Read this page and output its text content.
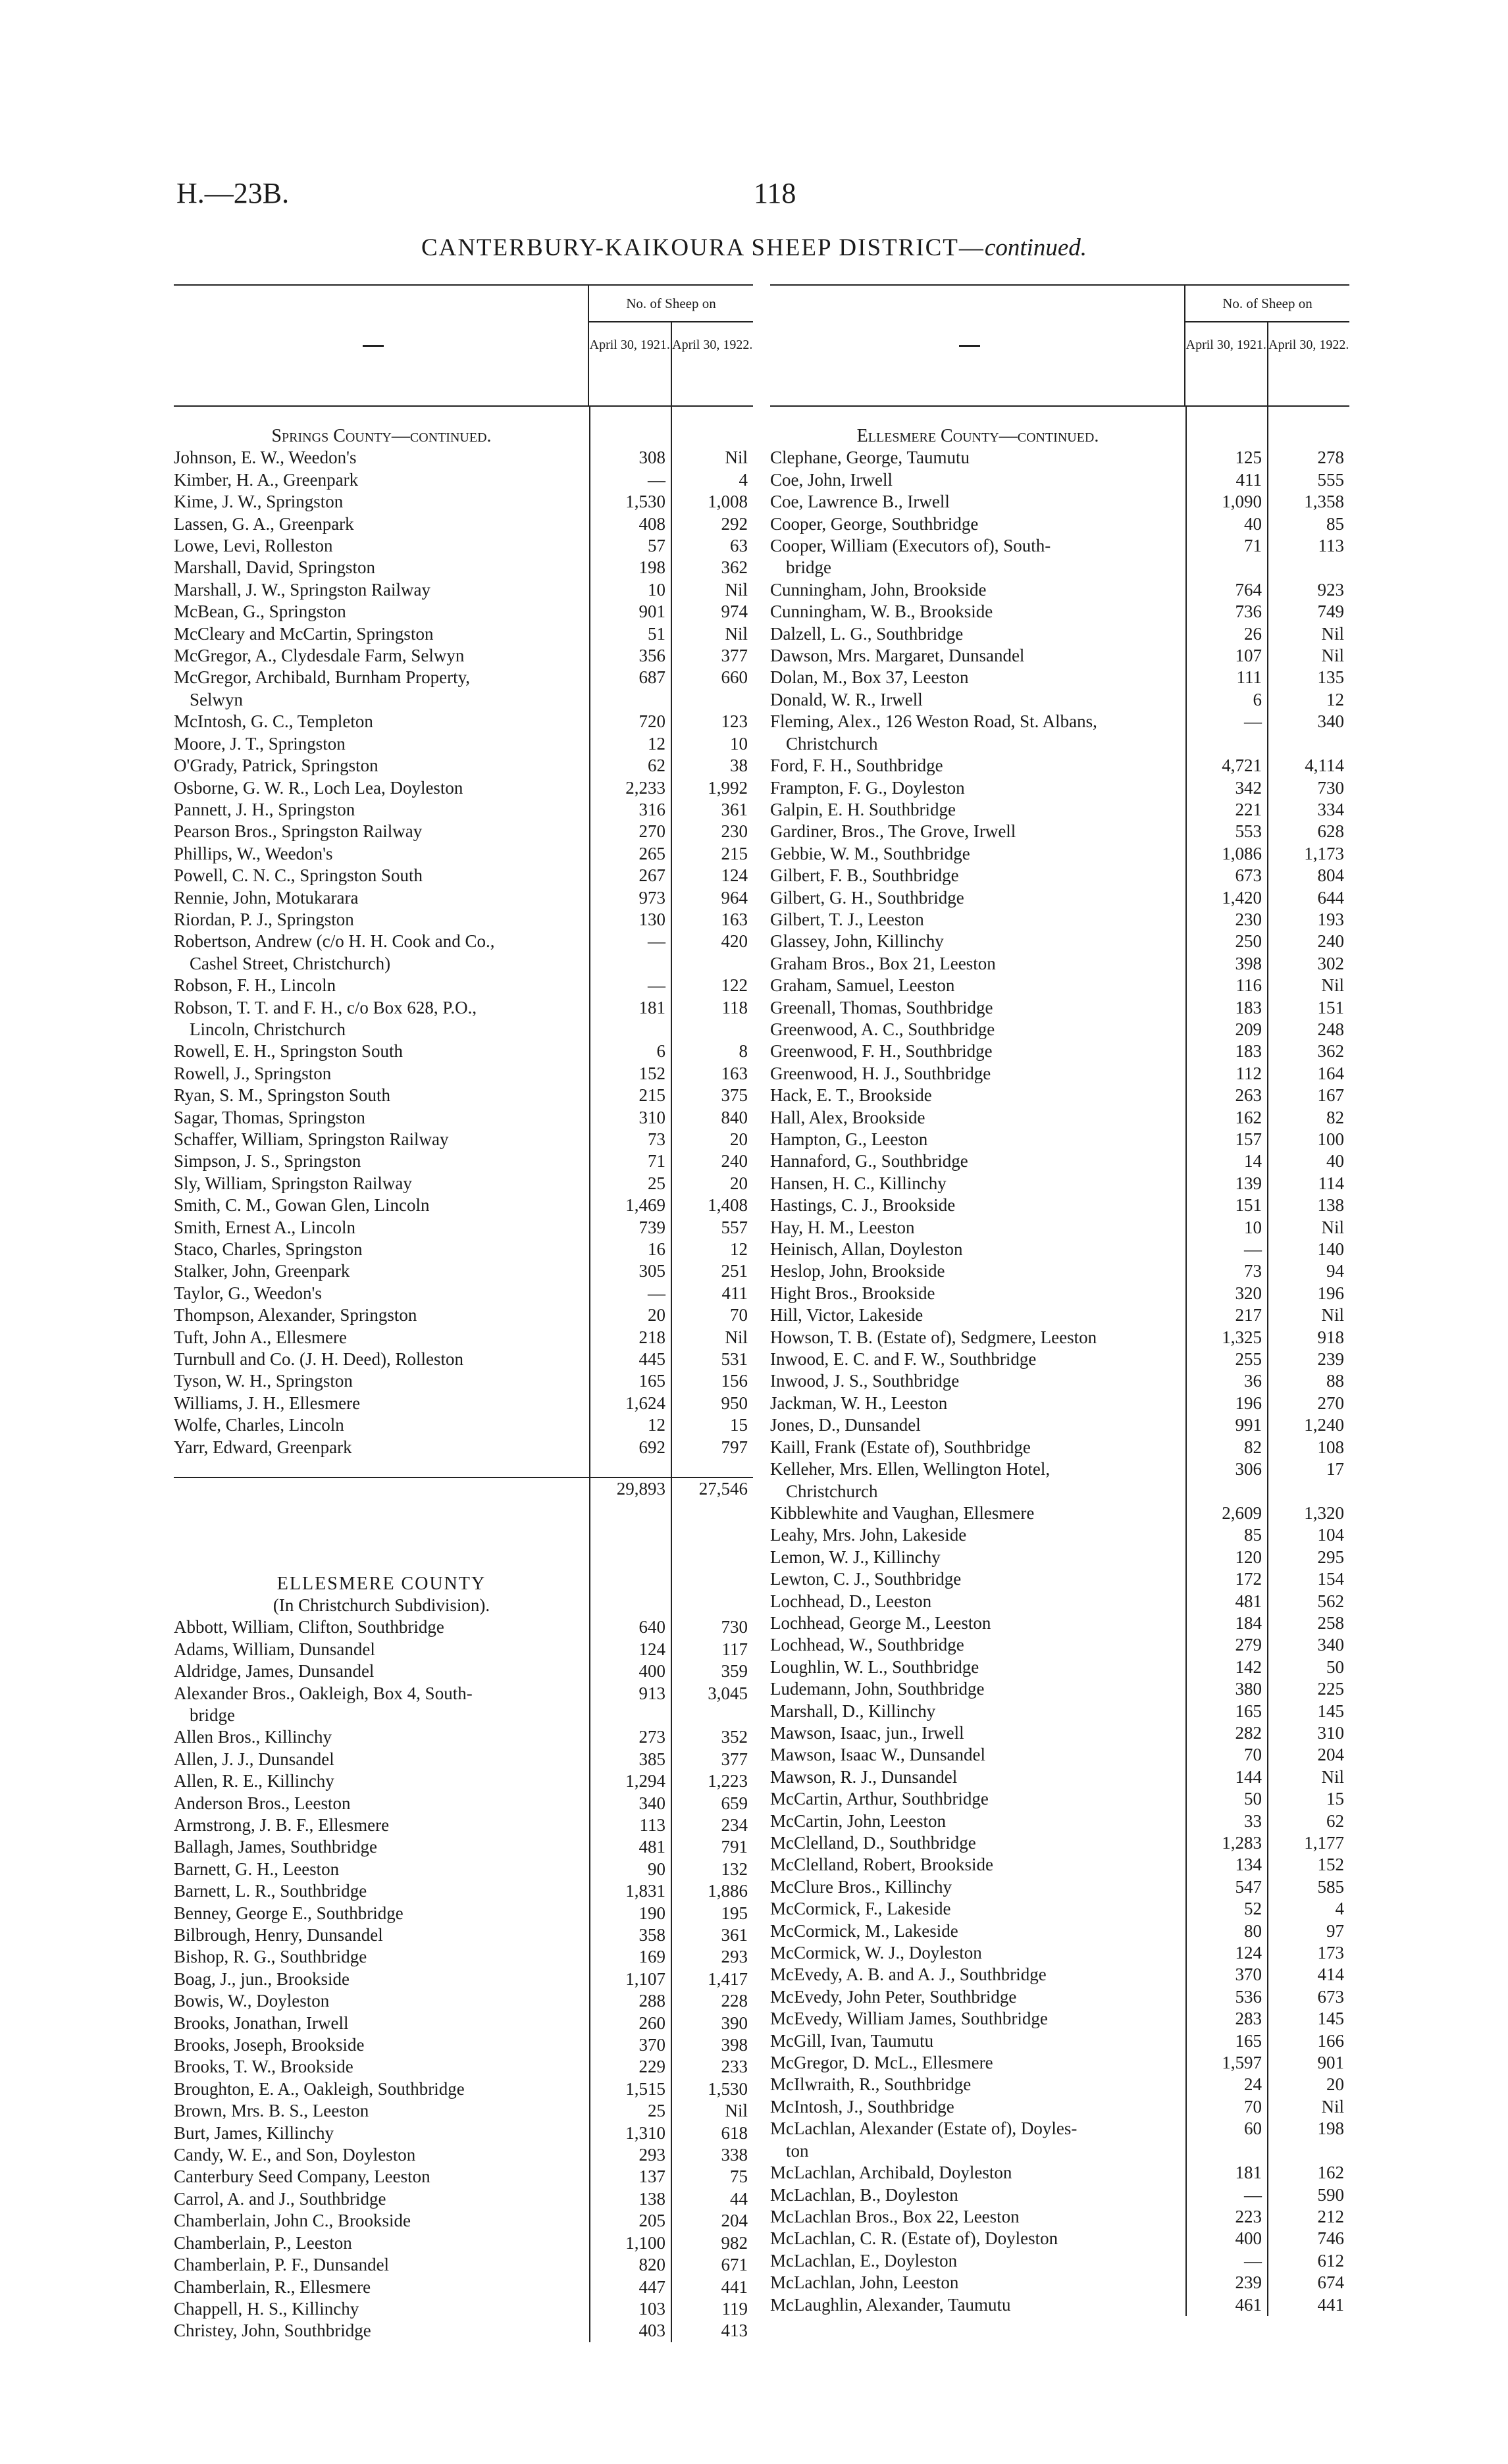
H.—23B.	118
CANTERBURY-KAIKOURA SHEEP DISTRICT—continued.
No. of Sheep on
April 30, 1921. April 30, 1922.
Springs County—continued.
Johnson, E. W., Weedon's	308	Nil
Kimber, H. A., Greenpark	—	4
Kime, J. W., Springston	1,530	1,008
Lassen, G. A., Greenpark	408	292
Lowe, Levi, Rolleston	57	63
Marshall, David, Springston	198	362
Marshall, J. W., Springston Railway	10	Nil
McBean, G., Springston	901	974
McCleary and McCartin, Springston	51	Nil
McGregor, A., Clydesdale Farm, Selwyn	356	377
McGregor, Archibald, Burnham Property,	687	660
Selwyn
McIntosh, G. C., Templeton	720	123
Moore, J. T., Springston	12	10
O'Grady, Patrick, Springston	62	38
Osborne, G. W. R., Loch Lea, Doyleston	2,233	1,992
Pannett, J. H., Springston	316	361
Pearson Bros., Springston Railway	270	230
Phillips, W., Weedon's	265	215
Powell, C. N. C., Springston South	267	124
Rennie, John, Motukarara	973	964
Riordan, P. J., Springston	130	163
Robertson, Andrew (c/o H. H. Cook and Co.,	—	420
Cashel Street, Christchurch)
Robson, F. H., Lincoln	—	122
Robson, T. T. and F. H., c/o Box 628, P.O.,	181	118
Lincoln, Christchurch
Rowell, E. H., Springston South	6	8
Rowell, J., Springston	152	163
Ryan, S. M., Springston South	215	375
Sagar, Thomas, Springston	310	840
Schaffer, William, Springston Railway	73	20
Simpson, J. S., Springston	71	240
Sly, William, Springston Railway	25	20
Smith, C. M., Gowan Glen, Lincoln	1,469	1,408
Smith, Ernest A., Lincoln	739	557
Staco, Charles, Springston	16	12
Stalker, John, Greenpark	305	251
Taylor, G., Weedon's	—	411
Thompson, Alexander, Springston	20	70
Tuft, John A., Ellesmere	218	Nil
Turnbull and Co. (J. H. Deed), Rolleston	445	531
Tyson, W. H., Springston	165	156
Williams, J. H., Ellesmere	1,624	950
Wolfe, Charles, Lincoln	12	15
Yarr, Edward, Greenpark	692	797
29,893	27,546
ELLESMERE COUNTY
(In Christchurch Subdivision).
Abbott, William, Clifton, Southbridge	640	730
Adams, William, Dunsandel	124	117
Aldridge, James, Dunsandel	400	359
Alexander Bros., Oakleigh, Box 4, South-	913	3,045
bridge
Allen Bros., Killinchy	273	352
Allen, J. J., Dunsandel	385	377
Allen, R. E., Killinchy	1,294	1,223
Anderson Bros., Leeston	340	659
Armstrong, J. B. F., Ellesmere	113	234
Ballagh, James, Southbridge	481	791
Barnett, G. H., Leeston	90	132
Barnett, L. R., Southbridge	1,831	1,886
Benney, George E., Southbridge	190	195
Bilbrough, Henry, Dunsandel	358	361
Bishop, R. G., Southbridge	169	293
Boag, J., jun., Brookside	1,107	1,417
Bowis, W., Doyleston	288	228
Brooks, Jonathan, Irwell	260	390
Brooks, Joseph, Brookside	370	398
Brooks, T. W., Brookside	229	233
Broughton, E. A., Oakleigh, Southbridge	1,515	1,530
Brown, Mrs. B. S., Leeston	25	Nil
Burt, James, Killinchy	1,310	618
Candy, W. E., and Son, Doyleston	293	338
Canterbury Seed Company, Leeston	137	75
Carrol, A. and J., Southbridge	138	44
Chamberlain, John C., Brookside	205	204
Chamberlain, P., Leeston	1,100	982
Chamberlain, P. F., Dunsandel	820	671
Chamberlain, R., Ellesmere	447	441
Chappell, H. S., Killinchy	103	119
Christey, John, Southbridge	403	413
No. of Sheep on
April 30, 1921. April 30, 1922.
Ellesmere County—continued.
Clephane, George, Taumutu	125	278
Coe, John, Irwell	411	555
Coe, Lawrence B., Irwell	1,090	1,358
Cooper, George, Southbridge	40	85
Cooper, William (Executors of), South-	71	113
bridge
Cunningham, John, Brookside	764	923
Cunningham, W. B., Brookside	736	749
Dalzell, L. G., Southbridge	26	Nil
Dawson, Mrs. Margaret, Dunsandel	107	Nil
Dolan, M., Box 37, Leeston	111	135
Donald, W. R., Irwell	6	12
Fleming, Alex., 126 Weston Road, St. Albans,	—	340
Christchurch
Ford, F. H., Southbridge	4,721	4,114
Frampton, F. G., Doyleston	342	730
Galpin, E. H. Southbridge	221	334
Gardiner, Bros., The Grove, Irwell	553	628
Gebbie, W. M., Southbridge	1,086	1,173
Gilbert, F. B., Southbridge	673	804
Gilbert, G. H., Southbridge	1,420	644
Gilbert, T. J., Leeston	230	193
Glassey, John, Killinchy	250	240
Graham Bros., Box 21, Leeston	398	302
Graham, Samuel, Leeston	116	Nil
Greenall, Thomas, Southbridge	183	151
Greenwood, A. C., Southbridge	209	248
Greenwood, F. H., Southbridge	183	362
Greenwood, H. J., Southbridge	112	164
Hack, E. T., Brookside	263	167
Hall, Alex, Brookside	162	82
Hampton, G., Leeston	157	100
Hannaford, G., Southbridge	14	40
Hansen, H. C., Killinchy	139	114
Hastings, C. J., Brookside	151	138
Hay, H. M., Leeston	10	Nil
Heinisch, Allan, Doyleston	—	140
Heslop, John, Brookside	73	94
Hight Bros., Brookside	320	196
Hill, Victor, Lakeside	217	Nil
Howson, T. B. (Estate of), Sedgmere, Leeston	1,325	918
Inwood, E. C. and F. W., Southbridge	255	239
Inwood, J. S., Southbridge	36	88
Jackman, W. H., Leeston	196	270
Jones, D., Dunsandel	991	1,240
Kaill, Frank (Estate of), Southbridge	82	108
Kelleher, Mrs. Ellen, Wellington Hotel,	306	17
Christchurch
Kibblewhite and Vaughan, Ellesmere	2,609	1,320
Leahy, Mrs. John, Lakeside	85	104
Lemon, W. J., Killinchy	120	295
Lewton, C. J., Southbridge	172	154
Lochhead, D., Leeston	481	562
Lochhead, George M., Leeston	184	258
Lochhead, W., Southbridge	279	340
Loughlin, W. L., Southbridge	142	50
Ludemann, John, Southbridge	380	225
Marshall, D., Killinchy	165	145
Mawson, Isaac, jun., Irwell	282	310
Mawson, Isaac W., Dunsandel	70	204
Mawson, R. J., Dunsandel	144	Nil
McCartin, Arthur, Southbridge	50	15
McCartin, John, Leeston	33	62
McClelland, D., Southbridge	1,283	1,177
McClelland, Robert, Brookside	134	152
McClure Bros., Killinchy	547	585
McCormick, F., Lakeside	52	4
McCormick, M., Lakeside	80	97
McCormick, W. J., Doyleston	124	173
McEvedy, A. B. and A. J., Southbridge	370	414
McEvedy, John Peter, Southbridge	536	673
McEvedy, William James, Southbridge	283	145
McGill, Ivan, Taumutu	165	166
McGregor, D. McL., Ellesmere	1,597	901
McIlwraith, R., Southbridge	24	20
McIntosh, J., Southbridge	70	Nil
McLachlan, Alexander (Estate of), Doyles-	60	198
ton
McLachlan, Archibald, Doyleston	181	162
McLachlan, B., Doyleston	—	590
McLachlan Bros., Box 22, Leeston	223	212
McLachlan, C. R. (Estate of), Doyleston	400	746
McLachlan, E., Doyleston	—	612
McLachlan, John, Leeston	239	674
McLaughlin, Alexander, Taumutu	461	441
